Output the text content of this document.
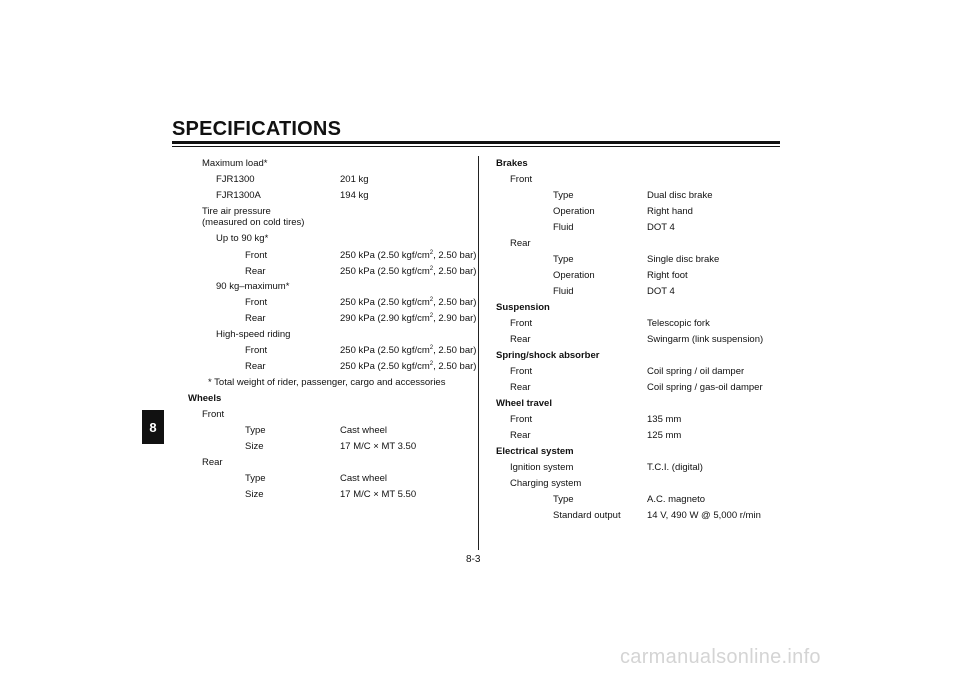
SPECIFICATIONS
8
8-3
carmanualsonline.info
Maximum load*
FJR1300	201 kg
FJR1300A	194 kg
Tire air pressure
(measured on cold tires)
Up to 90 kg*
Front	250 kPa (2.50 kgf/$cm^2$, 2.50 bar)
Rear	250 kPa (2.50 kgf/$cm^2$, 2.50 bar)
90 kg–maximum*
Front	250 kPa (2.50 kgf/$cm^2$, 2.50 bar)
Rear	290 kPa (2.90 kgf/$cm^2$, 2.90 bar)
High-speed riding
Front	250 kPa (2.50 kgf/$cm^2$, 2.50 bar)
Rear	250 kPa (2.50 kgf/$cm^2$, 2.50 bar)
* Total weight of rider, passenger, cargo and accessories
Wheels
Front
Type	Cast wheel
Size	17 M/C × MT 3.50
Rear
Type	Cast wheel
Size	17 M/C × MT 5.50
Brakes
Front
Type	Dual disc brake
Operation	Right hand
Fluid	DOT 4
Rear
Type	Single disc brake
Operation	Right foot
Fluid	DOT 4
Suspension
Front	Telescopic fork
Rear	Swingarm (link suspension)
Spring/shock absorber
Front	Coil spring / oil damper
Rear	Coil spring / gas-oil damper
Wheel travel
Front	135 mm
Rear	125 mm
Electrical system
Ignition system	T.C.I. (digital)
Charging system
Type	A.C. magneto
Standard output	14 V, 490 W @ 5,000 r/min
